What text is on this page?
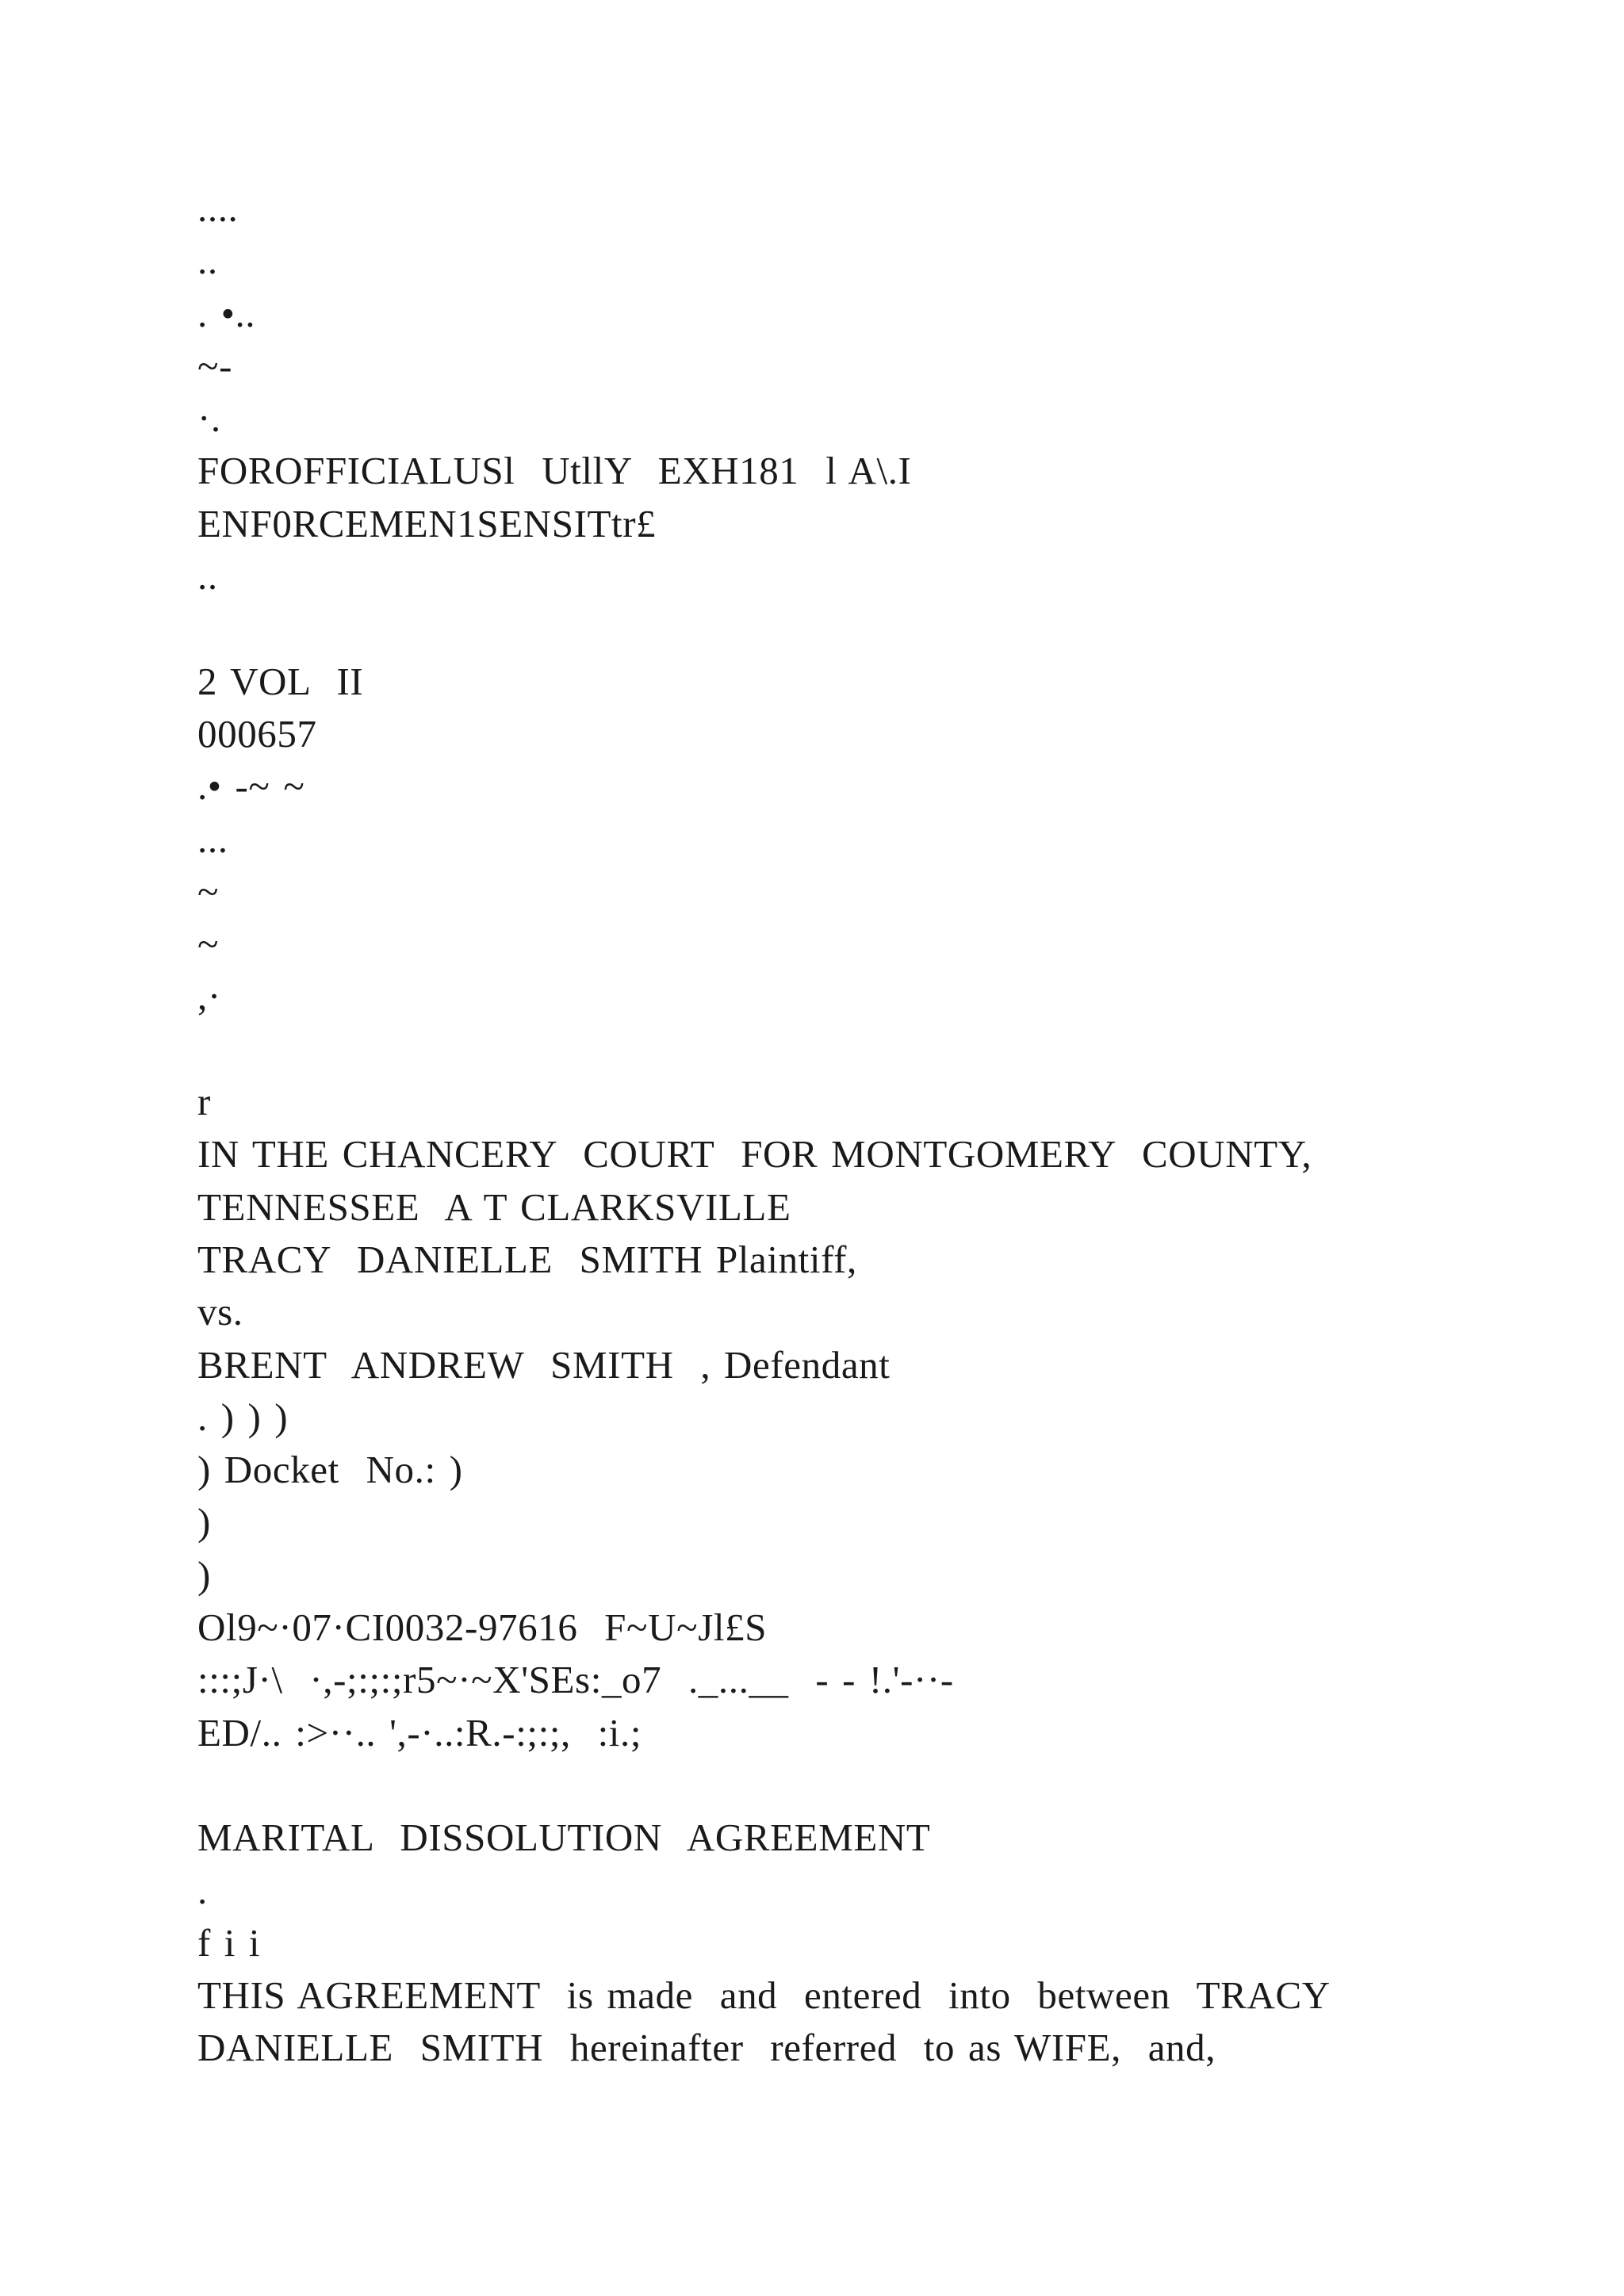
....
..
. •..
~-
·.
FOROFFICIALUSl  UtllY  EXH181  l A\.I
ENF0RCEMEN1SENSITtr£
..
2 VOL  II
000657
.• -~ ~
...
~
~
,·
r
IN THE CHANCERY  COURT  FOR MONTGOMERY  COUNTY,
TENNESSEE  A T CLARKSVILLE
TRACY  DANIELLE  SMITH Plaintiff,
vs.
BRENT  ANDREW  SMITH  , Defendant
. ) ) )
) Docket  No.: )
)
)
Ol9~·07·CI0032-97616  F~U~Jl£S
:::;J·\  ·,-;:;:;r5~·~X'SEs:_o7  ._...__  - - !.'-··-
ED/.. :>··.. ',-·..:R.-:;:;,  :i.;
MARITAL  DISSOLUTION  AGREEMENT
.
f i i
THIS AGREEMENT  is made  and  entered  into  between  TRACY
DANIELLE  SMITH  hereinafter  referred  to as WIFE,  and,
